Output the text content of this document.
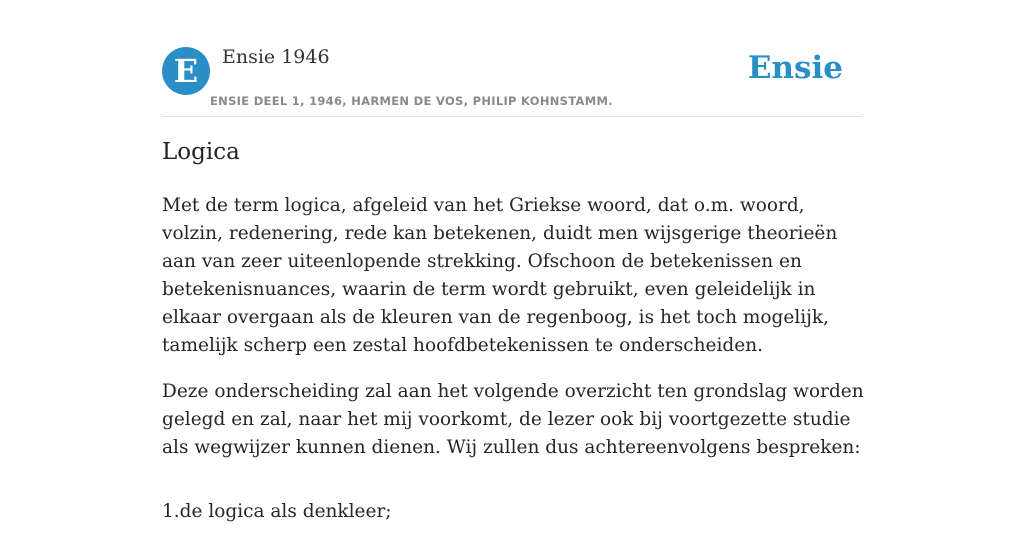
E	Ensie 1946
ENSIE DEEL 1, 1946, HARMEN DE VOS, PHILIP KOHNSTAMM.
Ensie
Logica

Met de term logica, afgeleid van het Griekse woord, dat o.m. woord, volzin, redenering, rede kan betekenen, duidt men wijsgerige theorieën aan van zeer uiteenlopende strekking. Ofschoon de betekenissen en betekenisnuances, waarin de term wordt gebruikt, even geleidelijk in elkaar overgaan als de kleuren van de regenboog, is het toch mogelijk, tamelijk scherp een zestal hoofdbetekenissen te onderscheiden.

Deze onderscheiding zal aan het volgende overzicht ten grondslag worden gelegd en zal, naar het mij voorkomt, de lezer ook bij voortgezette studie als wegwijzer kunnen dienen. Wij zullen dus achtereenvolgens bespreken:

1.de logica als denkleer;
